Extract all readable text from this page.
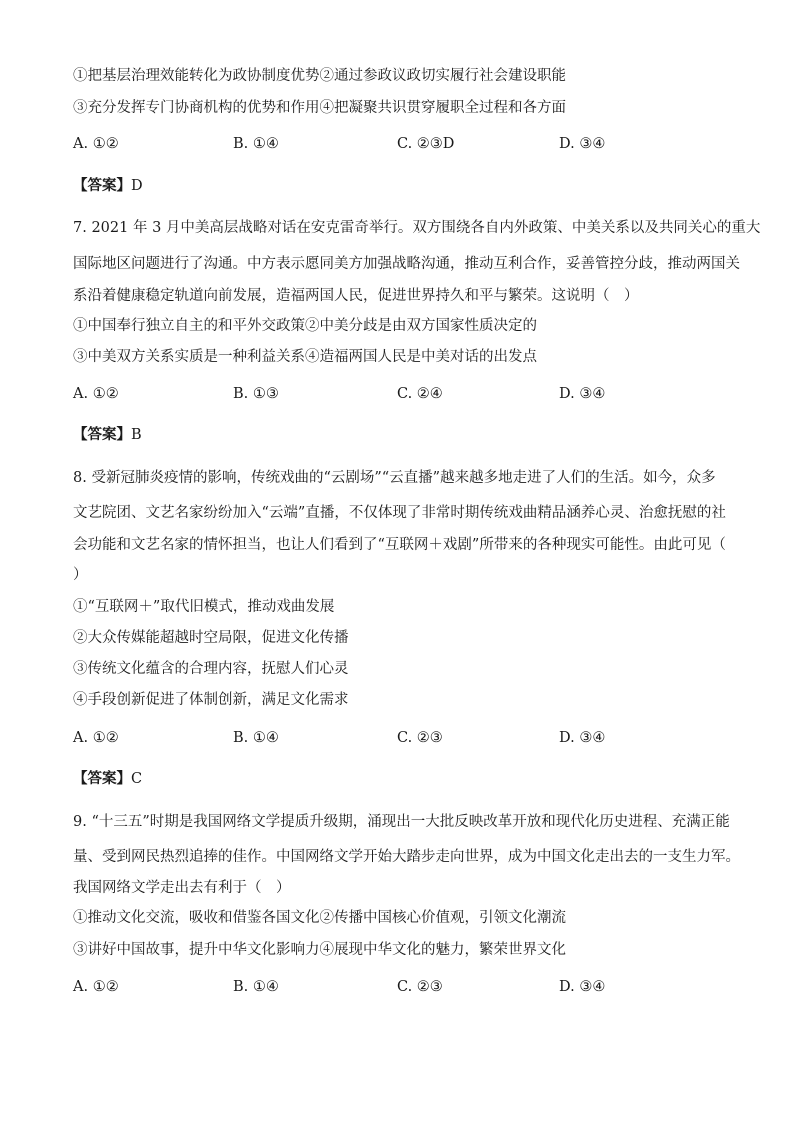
①把基层治理效能转化为政协制度优势②通过参政议政切实履行社会建设职能
③充分发挥专门协商机构的优势和作用④把凝聚共识贯穿履职全过程和各方面
A. ①②	B. ①④	C. ②③D	D. ③④
【答案】D
7. 2021 年 3 月中美高层战略对话在安克雷奇举行。双方围绕各自内外政策、中美关系以及共同关心的重大
国际地区问题进行了沟通。中方表示愿同美方加强战略沟通，推动互利合作，妥善管控分歧，推动两国关
系沿着健康稳定轨道向前发展，造福两国人民，促进世界持久和平与繁荣。这说明（　）
①中国奉行独立自主的和平外交政策②中美分歧是由双方国家性质决定的
③中美双方关系实质是一种利益关系④造福两国人民是中美对话的出发点
A. ①②	B. ①③	C. ②④	D. ③④
【答案】B
8. 受新冠肺炎疫情的影响，传统戏曲的“云剧场”“云直播”越来越多地走进了人们的生活。如今，众多
文艺院团、文艺名家纷纷加入“云端”直播，不仅体现了非常时期传统戏曲精品涵养心灵、治愈抚慰的社
会功能和文艺名家的情怀担当，也让人们看到了“互联网＋戏剧”所带来的各种现实可能性。由此可见（
）
①“互联网＋”取代旧模式，推动戏曲发展
②大众传媒能超越时空局限，促进文化传播
③传统文化蕴含的合理内容，抚慰人们心灵
④手段创新促进了体制创新，满足文化需求
A. ①②	B. ①④	C. ②③	D. ③④
【答案】C
9. “十三五”时期是我国网络文学提质升级期，涌现出一大批反映改革开放和现代化历史进程、充满正能
量、受到网民热烈追捧的佳作。中国网络文学开始大踏步走向世界，成为中国文化走出去的一支生力军。
我国网络文学走出去有利于（　）
①推动文化交流，吸收和借鉴各国文化②传播中国核心价值观，引领文化潮流
③讲好中国故事，提升中华文化影响力④展现中华文化的魅力，繁荣世界文化
A. ①②	B. ①④	C. ②③	D. ③④
